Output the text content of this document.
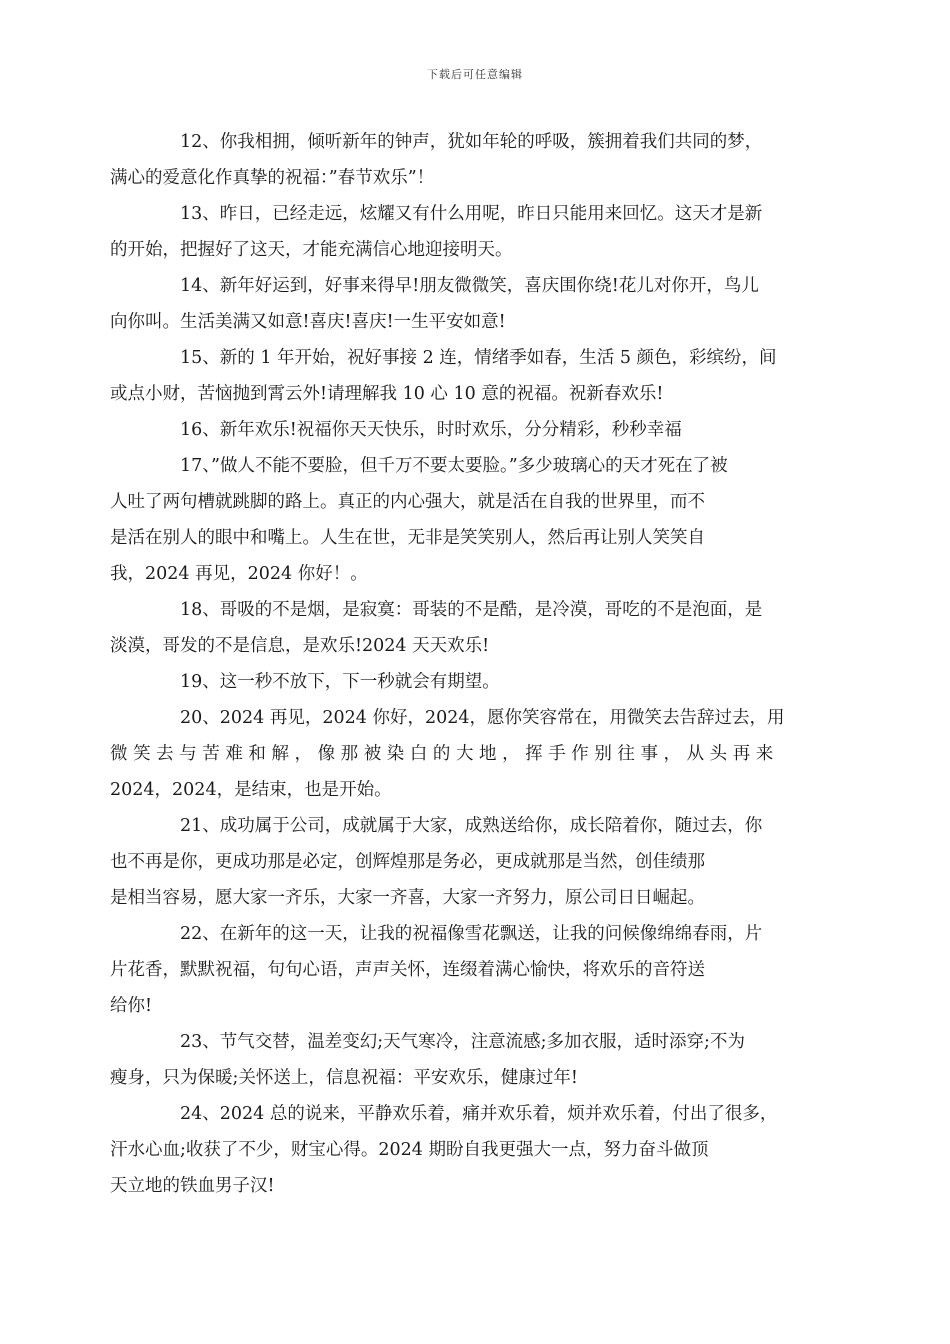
下载后可任意编辑
12、你我相拥，倾听新年的钟声，犹如年轮的呼吸，簇拥着我们共同的梦，
满心的爱意化作真挚的祝福：”春节欢乐”！
13、昨日，已经走远，炫耀又有什么用呢，昨日只能用来回忆。这天才是新
的开始，把握好了这天，才能充满信心地迎接明天。
14、新年好运到，好事来得早!朋友微微笑，喜庆围你绕!花儿对你开，鸟儿
向你叫。生活美满又如意!喜庆!喜庆!一生平安如意!
15、新的 1 年开始，祝好事接 2 连，情绪季如春，生活 5 颜色，彩缤纷，间
或点小财，苦恼抛到霄云外!请理解我 10 心 10 意的祝福。祝新春欢乐!
16、新年欢乐!祝福你天天快乐，时时欢乐，分分精彩，秒秒幸福
17、”做人不能不要脸，但千万不要太要脸。”多少玻璃心的天才死在了被
人吐了两句槽就跳脚的路上。真正的内心强大，就是活在自我的世界里，而不
是活在别人的眼中和嘴上。人生在世，无非是笑笑别人，然后再让别人笑笑自
我，2024 再见，2024 你好！。
18、哥吸的不是烟，是寂寞：哥装的不是酷，是冷漠，哥吃的不是泡面，是
淡漠，哥发的不是信息，是欢乐!2024 天天欢乐!
19、这一秒不放下，下一秒就会有期望。
20、2024 再见，2024 你好，2024，愿你笑容常在，用微笑去告辞过去，用
微 笑 去 与 苦 难 和 解 ， 像 那 被 染 白 的 大 地 ， 挥 手 作 别 往 事 ， 从 头 再 来
2024，2024，是结束，也是开始。
21、成功属于公司，成就属于大家，成熟送给你，成长陪着你，随过去，你
也不再是你，更成功那是必定，创辉煌那是务必，更成就那是当然，创佳绩那
是相当容易，愿大家一齐乐，大家一齐喜，大家一齐努力，原公司日日崛起。
22、在新年的这一天，让我的祝福像雪花飘送，让我的问候像绵绵春雨，片
片花香，默默祝福，句句心语，声声关怀，连缀着满心愉快，将欢乐的音符送
给你!
23、节气交替，温差变幻;天气寒冷，注意流感;多加衣服，适时添穿;不为
瘦身，只为保暖;关怀送上，信息祝福：平安欢乐，健康过年!
24、2024 总的说来，平静欢乐着，痛并欢乐着，烦并欢乐着，付出了很多，
汗水心血;收获了不少，财宝心得。2024 期盼自我更强大一点，努力奋斗做顶
天立地的铁血男子汉!
